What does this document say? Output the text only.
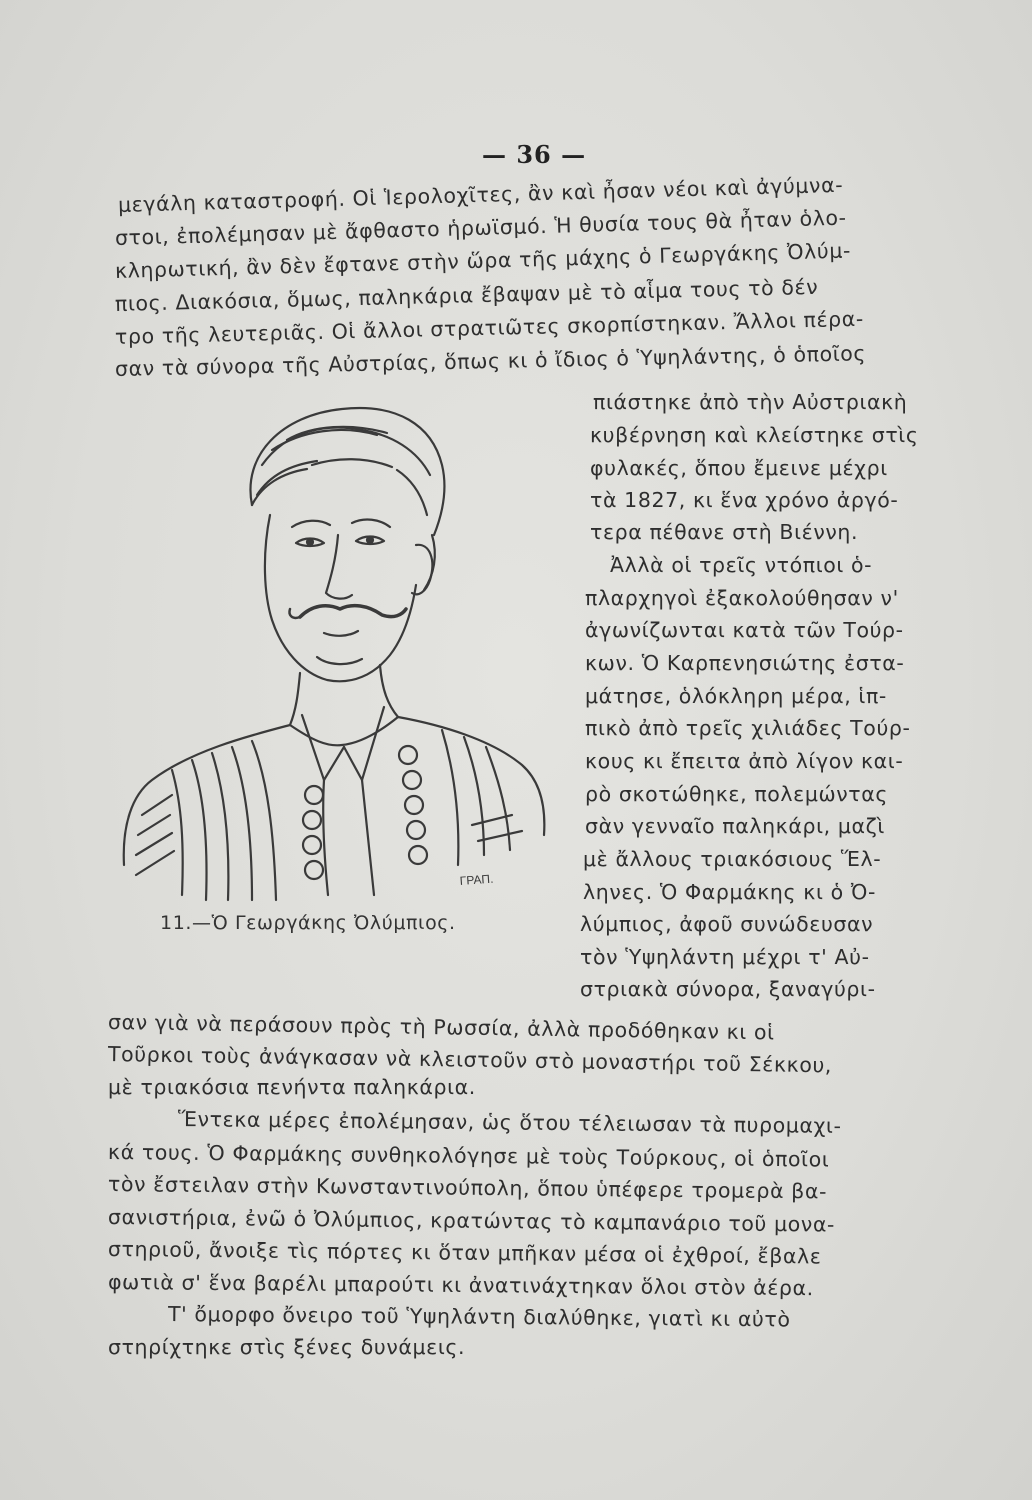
— 36 —
μεγάλη καταστροφή. Οἱ Ἱερολοχῖτες, ἂν καὶ ἦσαν νέοι καὶ ἀγύμνα-
στοι, ἐπολέμησαν μὲ ἄφθαστο ἡρωϊσμό. Ἡ θυσία τους θὰ ἦταν ὁλο-
κληρωτική, ἂν δὲν ἔφτανε στὴν ὥρα τῆς μάχης ὁ Γεωργάκης Ὀλύμ-
πιος. Διακόσια, ὅμως, παληκάρια ἔβαψαν μὲ τὸ αἷμα τους τὸ δέν
τρο τῆς λευτεριᾶς. Οἱ ἄλλοι στρατιῶτες σκορπίστηκαν. Ἄλλοι πέρα-
σαν τὰ σύνορα τῆς Αὐστρίας, ὅπως κι ὁ ἴδιος ὁ Ὑψηλάντης, ὁ ὁποῖος
πιάστηκε ἀπὸ τὴν Αὐστριακὴ
κυβέρνηση καὶ κλείστηκε στὶς
φυλακές, ὅπου ἔμεινε μέχρι
τὰ 1827, κι ἕνα χρόνο ἀργό-
τερα πέθανε στὴ Βιέννη.
Ἀλλὰ οἱ τρεῖς ντόπιοι ὁ-
πλαρχηγοὶ ἐξακολούθησαν ν'
ἀγωνίζωνται κατὰ τῶν Τούρ-
κων. Ὁ Καρπενησιώτης ἐστα-
μάτησε, ὁλόκληρη μέρα, ἱπ-
πικὸ ἀπὸ τρεῖς χιλιάδες Τούρ-
κους κι ἔπειτα ἀπὸ λίγον και-
ρὸ σκοτώθηκε, πολεμώντας
σὰν γενναῖο παληκάρι, μαζὶ
μὲ ἄλλους τριακόσιους Ἕλ-
ληνες. Ὁ Φαρμάκης κι ὁ Ὀ-
λύμπιος, ἀφοῦ συνώδευσαν
τὸν Ὑψηλάντη μέχρι τ' Αὐ-
στριακὰ σύνορα, ξαναγύρι-
σαν γιὰ νὰ περάσουν πρὸς τὴ Ρωσσία, ἀλλὰ προδόθηκαν κι οἱ
Τοῦρκοι τοὺς ἀνάγκασαν νὰ κλειστοῦν στὸ μοναστήρι τοῦ Σέκκου,
μὲ τριακόσια πενήντα παληκάρια.
Ἕντεκα μέρες ἐπολέμησαν, ὡς ὅτου τέλειωσαν τὰ πυρομαχι-
κά τους. Ὁ Φαρμάκης συνθηκολόγησε μὲ τοὺς Τούρκους, οἱ ὁποῖοι
τὸν ἔστειλαν στὴν Κωνσταντινούπολη, ὅπου ὑπέφερε τρομερὰ βα-
σανιστήρια, ἐνῶ ὁ Ὀλύμπιος, κρατώντας τὸ καμπανάριο τοῦ μονα-
στηριοῦ, ἄνοιξε τὶς πόρτες κι ὅταν μπῆκαν μέσα οἱ ἐχθροί, ἔβαλε
φωτιὰ σ' ἕνα βαρέλι μπαρούτι κι ἀνατινάχτηκαν ὅλοι στὸν ἀέρα.
Τ' ὄμορφο ὄνειρο τοῦ Ὑψηλάντη διαλύθηκε, γιατὶ κι αὐτὸ
στηρίχτηκε στὶς ξένες δυνάμεις.
ΓΡΑΠ.
11.—Ὁ Γεωργάκης Ὀλύμπιος.
